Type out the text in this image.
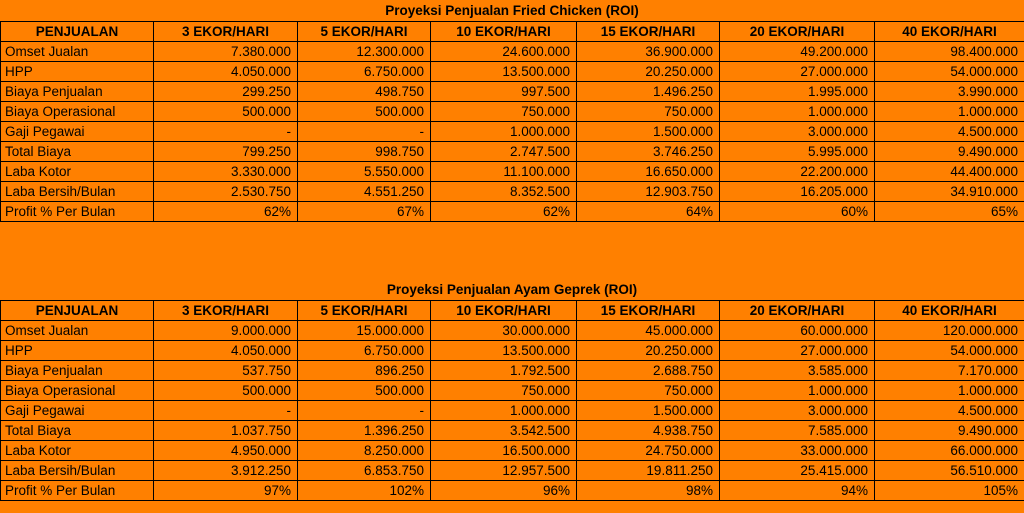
Proyeksi Penjualan Fried Chicken (ROI)
PENJUALAN	3 EKOR/HARI	5 EKOR/HARI	10 EKOR/HARI	15 EKOR/HARI	20 EKOR/HARI	40 EKOR/HARI
Omset Jualan	7.380.000	12.300.000	24.600.000	36.900.000	49.200.000	98.400.000
HPP	4.050.000	6.750.000	13.500.000	20.250.000	27.000.000	54.000.000
Biaya Penjualan	299.250	498.750	997.500	1.496.250	1.995.000	3.990.000
Biaya Operasional	500.000	500.000	750.000	750.000	1.000.000	1.000.000
Gaji Pegawai	-	-	1.000.000	1.500.000	3.000.000	4.500.000
Total Biaya	799.250	998.750	2.747.500	3.746.250	5.995.000	9.490.000
Laba Kotor	3.330.000	5.550.000	11.100.000	16.650.000	22.200.000	44.400.000
Laba Bersih/Bulan	2.530.750	4.551.250	8.352.500	12.903.750	16.205.000	34.910.000
Profit % Per Bulan	62%	67%	62%	64%	60%	65%
Proyeksi Penjualan Ayam Geprek (ROI)
PENJUALAN	3 EKOR/HARI	5 EKOR/HARI	10 EKOR/HARI	15 EKOR/HARI	20 EKOR/HARI	40 EKOR/HARI
Omset Jualan	9.000.000	15.000.000	30.000.000	45.000.000	60.000.000	120.000.000
HPP	4.050.000	6.750.000	13.500.000	20.250.000	27.000.000	54.000.000
Biaya Penjualan	537.750	896.250	1.792.500	2.688.750	3.585.000	7.170.000
Biaya Operasional	500.000	500.000	750.000	750.000	1.000.000	1.000.000
Gaji Pegawai	-	-	1.000.000	1.500.000	3.000.000	4.500.000
Total Biaya	1.037.750	1.396.250	3.542.500	4.938.750	7.585.000	9.490.000
Laba Kotor	4.950.000	8.250.000	16.500.000	24.750.000	33.000.000	66.000.000
Laba Bersih/Bulan	3.912.250	6.853.750	12.957.500	19.811.250	25.415.000	56.510.000
Profit % Per Bulan	97%	102%	96%	98%	94%	105%
